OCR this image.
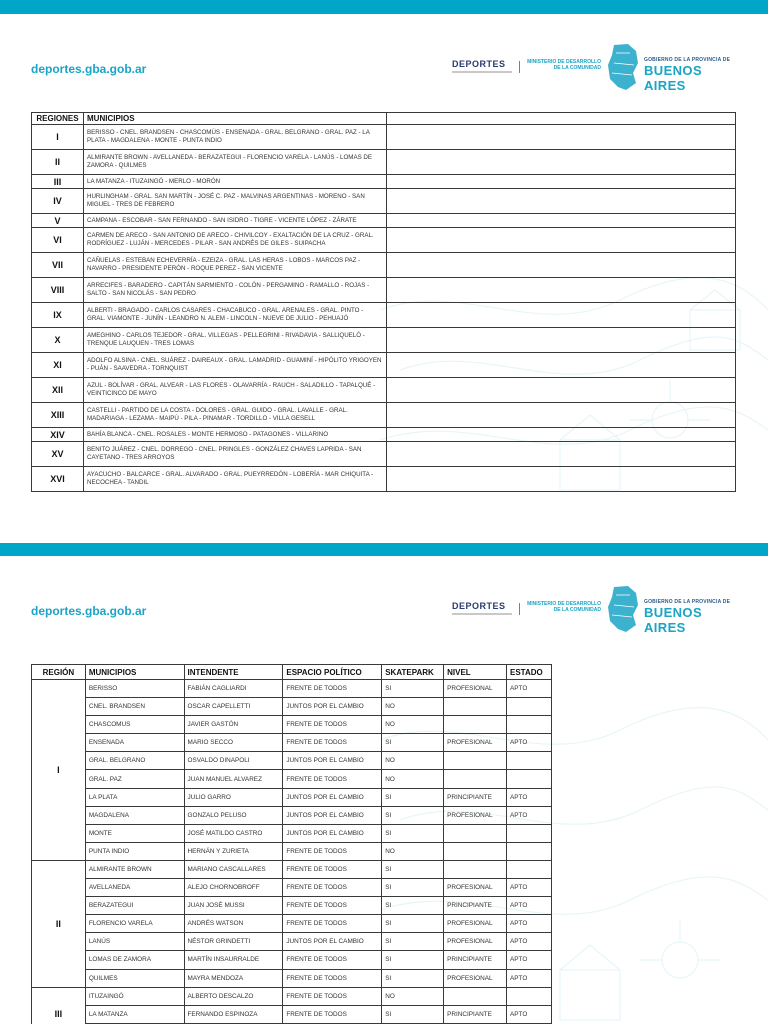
deportes.gba.gob.ar	DEPORTES	MINISTERIO DE DESARROLLO DE LA COMUNIDAD
GOBIERNO DE LA PROVINCIA DE
BUENOS AIRES
REGIONES	MUNICIPIOS	
I	BERISSO - CNEL. BRANDSEN - CHASCOMÚS - ENSENADA - GRAL. BELGRANO - GRAL. PAZ - LA PLATA - MAGDALENA - MONTE - PUNTA INDIO	
II	ALMIRANTE BROWN - AVELLANEDA - BERAZATEGUI - FLORENCIO VARELA - LANÚS - LOMAS DE ZAMORA - QUILMES	
III	LA MATANZA - ITUZAINGÓ - MERLO - MORÓN	
IV	HURLINGHAM - GRAL. SAN MARTÍN - JOSÉ C. PAZ - MALVINAS ARGENTINAS - MORENO - SAN MIGUEL - TRES DE FEBRERO	
V	CAMPANA - ESCOBAR - SAN FERNANDO - SAN ISIDRO - TIGRE - VICENTE LÓPEZ - ZÁRATE	
VI	CARMEN DE ARECO - SAN ANTONIO DE ARECO - CHIVILCOY - EXALTACIÓN DE LA CRUZ - GRAL. RODRÍGUEZ - LUJÁN - MERCEDES - PILAR - SAN ANDRÉS DE GILES - SUIPACHA	
VII	CAÑUELAS - ESTEBAN ECHEVERRÍA - EZEIZA - GRAL. LAS HERAS - LOBOS - MARCOS PAZ - NAVARRO - PRESIDENTE PERÓN - ROQUE PEREZ - SAN VICENTE	
VIII	ARRECIFES - BARADERO - CAPITÁN SARMIENTO - COLÓN - PERGAMINO - RAMALLO - ROJAS - SALTO - SAN NICOLÁS - SAN PEDRO	
IX	ALBERTI - BRAGADO - CARLOS CASARES - CHACABUCO - GRAL. ARENALES - GRAL. PINTO - GRAL. VIAMONTE - JUNÍN - LEANDRO N. ALEM - LINCOLN - NUEVE DE JULIO - PEHUAJÓ	
X	AMEGHINO - CARLOS TEJEDOR - GRAL. VILLEGAS - PELLEGRINI - RIVADAVIA - SALLIQUELÓ - TRENQUE LAUQUEN - TRES LOMAS	
XI	ADOLFO ALSINA - CNEL. SUÁREZ - DAIREAUX - GRAL. LAMADRID - GUAMINÍ - HIPÓLITO YRIGOYEN - PUÁN - SAAVEDRA - TORNQUIST	
XII	AZUL - BOLÍVAR - GRAL. ALVEAR - LAS FLORES - OLAVARRÍA - RAUCH - SALADILLO - TAPALQUÉ - VEINTICINCO DE MAYO	
XIII	CASTELLI - PARTIDO DE LA COSTA - DOLORES - GRAL. GUIDO - GRAL. LAVALLE - GRAL. MADARIAGA - LEZAMA - MAIPÚ - PILA - PINAMAR - TORDILLO - VILLA GESELL	
XIV	BAHÍA BLANCA - CNEL. ROSALES - MONTE HERMOSO - PATAGONES - VILLARINO	
XV	BENITO JUÁREZ - CNEL. DORREGO - CNEL. PRINGLES - GONZÁLEZ CHAVES LAPRIDA - SAN CAYETANO - TRES ARROYOS	
XVI	AYACUCHO - BALCARCE - GRAL. ALVARADO - GRAL. PUEYRREDÓN - LOBERÍA - MAR CHIQUITA - NECOCHEA - TANDIL	
deportes.gba.gob.ar	DEPORTES	MINISTERIO DE DESARROLLO DE LA COMUNIDAD
GOBIERNO DE LA PROVINCIA DE
BUENOS AIRES
REGIÓN	MUNICIPIOS	INTENDENTE	ESPACIO POLÍTICO	SKATEPARK	NIVEL	ESTADO
I	BERISSO	FABIÁN CAGLIARDI	FRENTE DE TODOS	SI	PROFESIONAL	APTO
	CNEL. BRANDSEN	OSCAR CAPELLETTI	JUNTOS POR EL CAMBIO	NO		
	CHASCOMUS	JAVIER GASTÓN	FRENTE DE TODOS	NO		
	ENSENADA	MARIO SECCO	FRENTE DE TODOS	SI	PROFESIONAL	APTO
	GRAL. BELGRANO	OSVALDO DINAPOLI	JUNTOS POR EL CAMBIO	NO		
	GRAL. PAZ	JUAN MANUEL ALVAREZ	FRENTE DE TODOS	NO		
	LA PLATA	JULIO GARRO	JUNTOS POR EL CAMBIO	SI	PRINCIPIANTE	APTO
	MAGDALENA	GONZALO PELUSO	JUNTOS POR EL CAMBIO	SI	PROFESIONAL	APTO
	MONTE	JOSÉ MATILDO CASTRO	JUNTOS POR EL CAMBIO	SI		
	PUNTA INDIO	HERNÁN Y ZURIETA	FRENTE DE TODOS	NO		
II	ALMIRANTE BROWN	MARIANO CASCALLARES	FRENTE DE TODOS	SI		
	AVELLANEDA	ALEJO CHORNOBROFF	FRENTE DE TODOS	SI	PROFESIONAL	APTO
	BERAZATEGUI	JUAN JOSÉ MUSSI	FRENTE DE TODOS	SI	PRINCIPIANTE	APTO
	FLORENCIO VARELA	ANDRÉS WATSON	FRENTE DE TODOS	SI	PROFESIONAL	APTO
	LANÚS	NÉSTOR GRINDETTI	JUNTOS POR EL CAMBIO	SI	PROFESIONAL	APTO
	LOMAS DE ZAMORA	MARTÍN INSAURRALDE	FRENTE DE TODOS	SI	PRINCIPIANTE	APTO
	QUILMES	MAYRA MENDOZA	FRENTE DE TODOS	SI	PROFESIONAL	APTO
III	ITUZAINGÓ	ALBERTO DESCALZO	FRENTE DE TODOS	NO		
	LA MATANZA	FERNANDO ESPINOZA	FRENTE DE TODOS	SI	PRINCIPIANTE	APTO
